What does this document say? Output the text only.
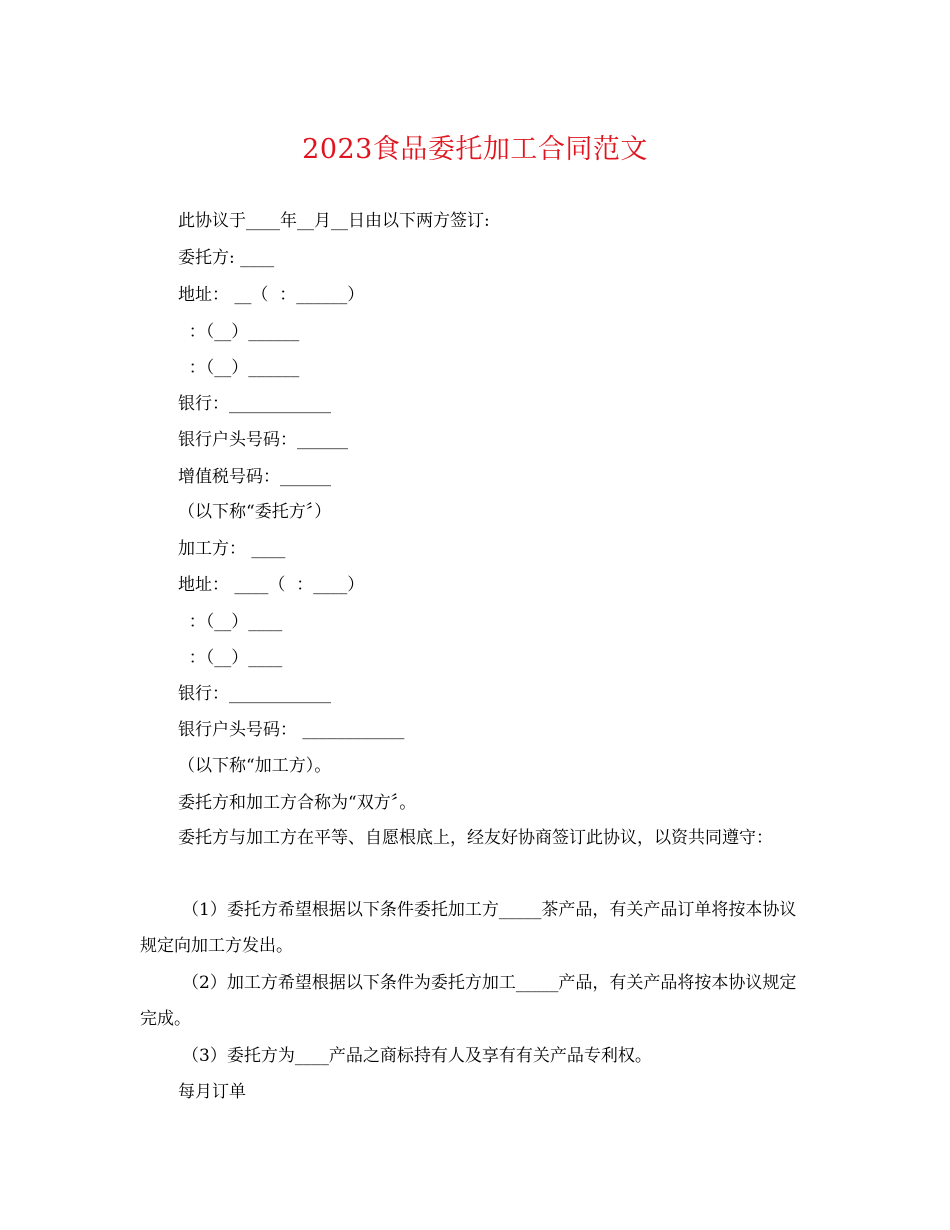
2023食品委托加工合同范文
此协议于____年__月__日由以下两方签订:
委托方: ____
地址： __（  ：______）
：（__）______
：（__）______
银行：____________
银行户头号码：______
增值税号码：______
（以下称“委托方〞）
加工方： ____
地址： ____（  ：____）
：（__）____
：（__）____
银行：____________
银行户头号码： ____________
（以下称“加工方）。
委托方和加工方合称为“双方〞。
委托方与加工方在平等、自愿根底上，经友好协商签订此协议，以资共同遵守：
（1）委托方希望根据以下条件委托加工方_____茶产品，有关产品订单将按本协议规定向加工方发出。
（2）加工方希望根据以下条件为委托方加工_____产品，有关产品将按本协议规定完成。
（3）委托方为____产品之商标持有人及享有有关产品专利权。
每月订单
